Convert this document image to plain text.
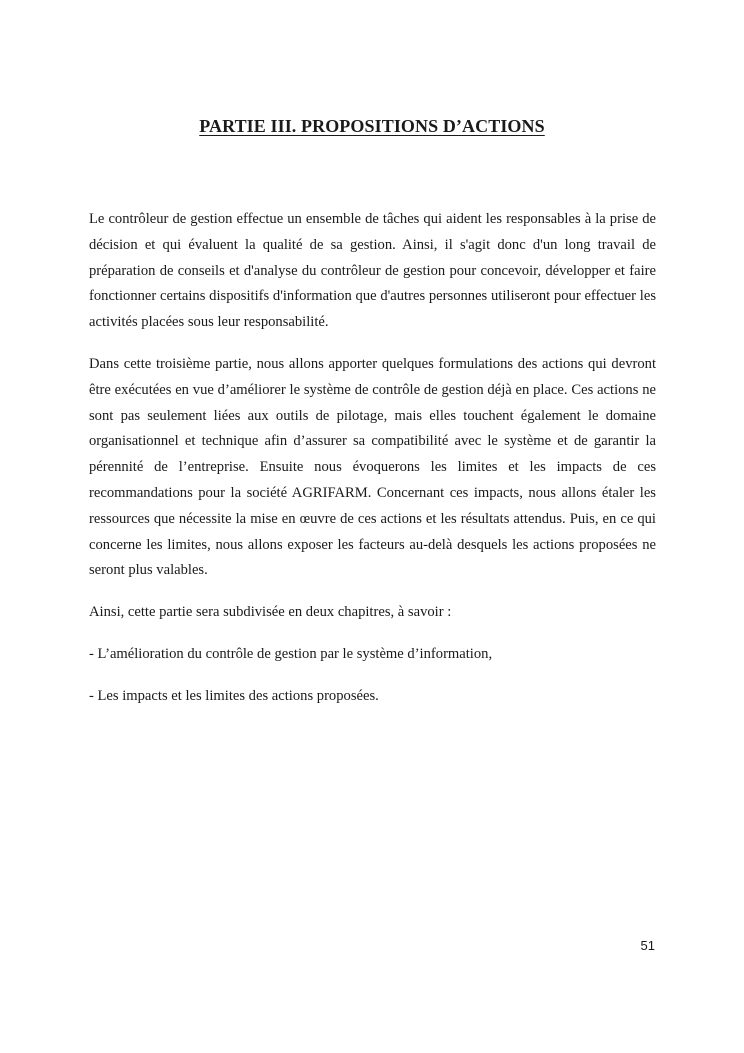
PARTIE III. PROPOSITIONS D’ACTIONS

Le contrôleur de gestion effectue un ensemble de tâches qui aident les responsables à la prise de décision et qui évaluent la qualité de sa gestion. Ainsi, il s'agit donc d'un long travail de préparation de conseils et d'analyse du contrôleur de gestion pour concevoir, développer et faire fonctionner certains dispositifs d'information que d'autres personnes utiliseront pour effectuer les activités placées sous leur responsabilité.

Dans cette troisième partie, nous allons apporter quelques formulations des actions qui devront être exécutées en vue d’améliorer le système de contrôle de gestion déjà en place. Ces actions ne sont pas seulement liées aux outils de pilotage, mais elles touchent également le domaine organisationnel et technique afin d’assurer sa compatibilité avec le système et de garantir la pérennité de l’entreprise. Ensuite nous évoquerons les limites et les impacts de ces recommandations pour la société AGRIFARM. Concernant ces impacts, nous allons étaler les ressources que nécessite la mise en œuvre de ces actions et les résultats attendus. Puis, en ce qui concerne les limites, nous allons exposer les facteurs au-delà desquels les actions proposées ne seront plus valables.

Ainsi, cette partie sera subdivisée en deux chapitres, à savoir :

- L’amélioration du contrôle de gestion par le système d’information,

- Les impacts et les limites des actions proposées.

51
